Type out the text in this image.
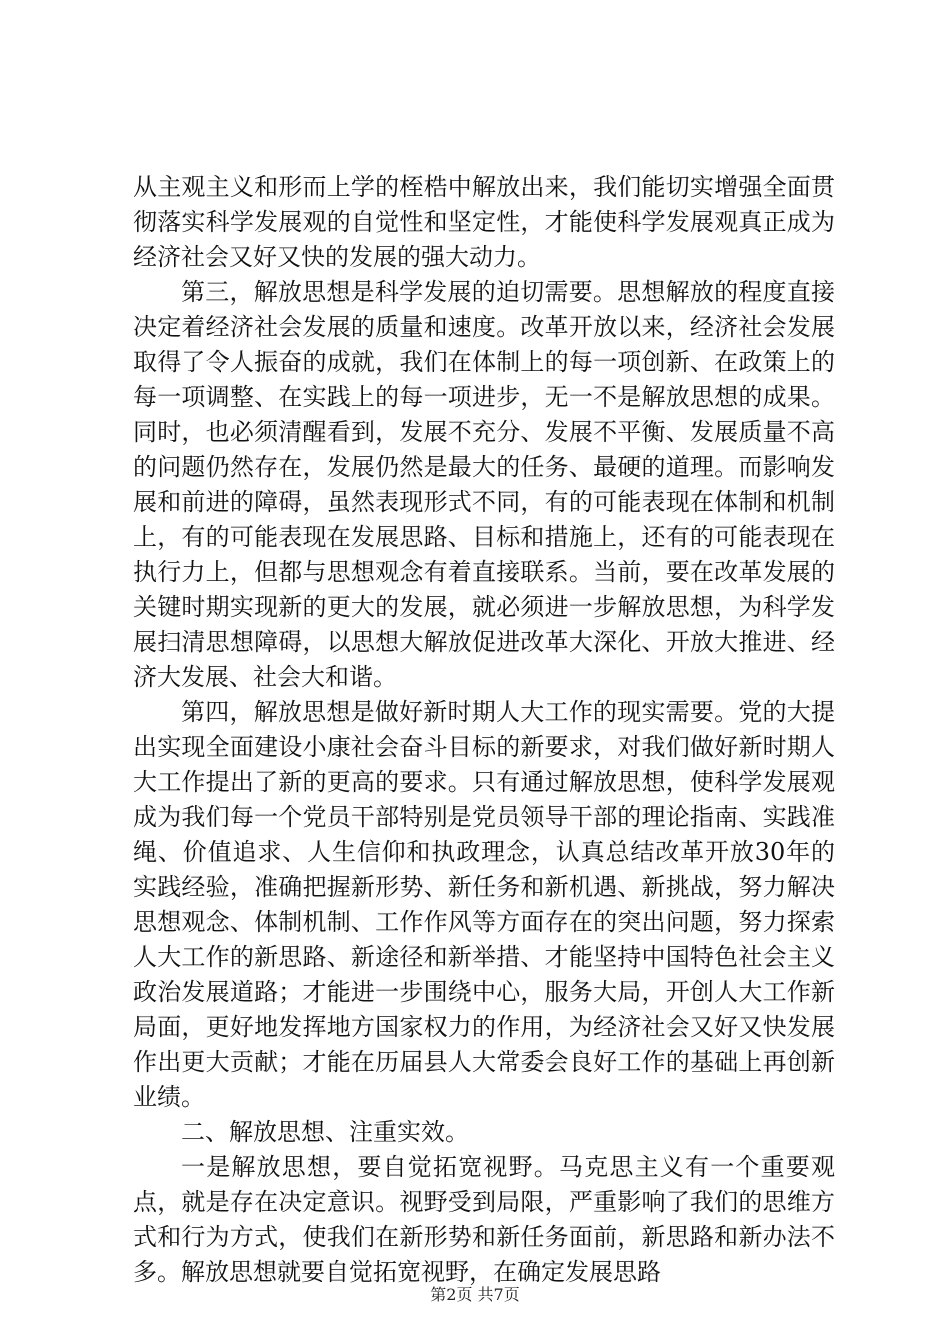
从主观主义和形而上学的桎梏中解放出来，我们能切实增强全面贯彻落实科学发展观的自觉性和坚定性，才能使科学发展观真正成为经济社会又好又快的发展的强大动力。

第三，解放思想是科学发展的迫切需要。思想解放的程度直接决定着经济社会发展的质量和速度。改革开放以来，经济社会发展取得了令人振奋的成就，我们在体制上的每一项创新、在政策上的每一项调整、在实践上的每一项进步，无一不是解放思想的成果。同时，也必须清醒看到，发展不充分、发展不平衡、发展质量不高的问题仍然存在，发展仍然是最大的任务、最硬的道理。而影响发展和前进的障碍，虽然表现形式不同，有的可能表现在体制和机制上，有的可能表现在发展思路、目标和措施上，还有的可能表现在执行力上，但都与思想观念有着直接联系。当前，要在改革发展的关键时期实现新的更大的发展，就必须进一步解放思想，为科学发展扫清思想障碍，以思想大解放促进改革大深化、开放大推进、经济大发展、社会大和谐。

第四，解放思想是做好新时期人大工作的现实需要。党的大提出实现全面建设小康社会奋斗目标的新要求，对我们做好新时期人大工作提出了新的更高的要求。只有通过解放思想，使科学发展观成为我们每一个党员干部特别是党员领导干部的理论指南、实践准绳、价值追求、人生信仰和执政理念，认真总结改革开放30年的实践经验，准确把握新形势、新任务和新机遇、新挑战，努力解决思想观念、体制机制、工作作风等方面存在的突出问题，努力探索人大工作的新思路、新途径和新举措、才能坚持中国特色社会主义政治发展道路；才能进一步围绕中心，服务大局，开创人大工作新局面，更好地发挥地方国家权力的作用，为经济社会又好又快发展作出更大贡献；才能在历届县人大常委会良好工作的基础上再创新业绩。

二、解放思想、注重实效。

一是解放思想，要自觉拓宽视野。马克思主义有一个重要观点，就是存在决定意识。视野受到局限，严重影响了我们的思维方式和行为方式，使我们在新形势和新任务面前，新思路和新办法不多。解放思想就要自觉拓宽视野，在确定发展思路

第2页 共7页
